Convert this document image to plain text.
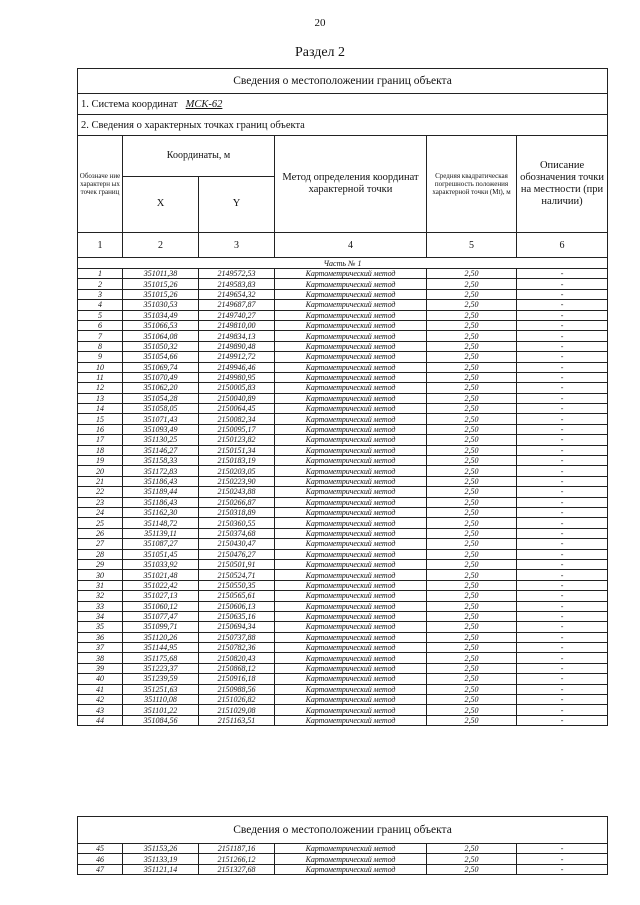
20
Раздел 2
Сведения о местоположении границ объекта					
1. Система координат МСК-62					
2. Сведения о характерных точках границ объекта					
Обозначе ние характерн ых точек границ	Координаты, м		Метод определения координат характерной точки	Средняя квадратическая погрешность положения характерной точки (Mt), м	Описание обозначения точки на местности (при наличии)
	X	Y			
1	2	3	4	5	6
Часть № 1					
1	351011,38	2149572,53	Картометрический метод	2,50	-
2	351015,26	2149583,83	Картометрический метод	2,50	-
3	351015,26	2149654,32	Картометрический метод	2,50	-
4	351030,53	2149687,87	Картометрический метод	2,50	-
5	351034,49	2149740,27	Картометрический метод	2,50	-
6	351066,53	2149810,00	Картометрический метод	2,50	-
7	351064,08	2149834,13	Картометрический метод	2,50	-
8	351050,32	2149890,48	Картометрический метод	2,50	-
9	351054,66	2149912,72	Картометрический метод	2,50	-
10	351069,74	2149946,46	Картометрический метод	2,50	-
11	351070,49	2149980,95	Картометрический метод	2,50	-
12	351062,20	2150005,83	Картометрический метод	2,50	-
13	351054,28	2150040,89	Картометрический метод	2,50	-
14	351058,05	2150064,45	Картометрический метод	2,50	-
15	351071,43	2150082,34	Картометрический метод	2,50	-
16	351093,49	2150095,17	Картометрический метод	2,50	-
17	351130,25	2150123,82	Картометрический метод	2,50	-
18	351146,27	2150151,34	Картометрический метод	2,50	-
19	351158,33	2150183,19	Картометрический метод	2,50	-
20	351172,83	2150203,05	Картометрический метод	2,50	-
21	351186,43	2150223,90	Картометрический метод	2,50	-
22	351189,44	2150243,88	Картометрический метод	2,50	-
23	351186,43	2150266,87	Картометрический метод	2,50	-
24	351162,30	2150318,89	Картометрический метод	2,50	-
25	351148,72	2150360,55	Картометрический метод	2,50	-
26	351139,11	2150374,68	Картометрический метод	2,50	-
27	351087,27	2150430,47	Картометрический метод	2,50	-
28	351051,45	2150476,27	Картометрический метод	2,50	-
29	351033,92	2150501,91	Картометрический метод	2,50	-
30	351021,48	2150524,71	Картометрический метод	2,50	-
31	351022,42	2150550,35	Картометрический метод	2,50	-
32	351027,13	2150565,61	Картометрический метод	2,50	-
33	351060,12	2150606,13	Картометрический метод	2,50	-
34	351077,47	2150635,16	Картометрический метод	2,50	-
35	351099,71	2150694,34	Картометрический метод	2,50	-
36	351120,26	2150737,88	Картометрический метод	2,50	-
37	351144,95	2150782,36	Картометрический метод	2,50	-
38	351175,68	2150820,43	Картометрический метод	2,50	-
39	351223,37	2150868,12	Картометрический метод	2,50	-
40	351239,59	2150916,18	Картометрический метод	2,50	-
41	351251,63	2150988,56	Картометрический метод	2,50	-
42	351110,08	2151026,82	Картометрический метод	2,50	-
43	351101,22	2151029,08	Картометрический метод	2,50	-
44	351084,56	2151163,51	Картометрический метод	2,50	-
Сведения о местоположении границ объекта					
45	351153,26	2151187,16	Картометрический метод	2,50	-
46	351133,19	2151266,12	Картометрический метод	2,50	-
47	351121,14	2151327,68	Картометрический метод	2,50	-
